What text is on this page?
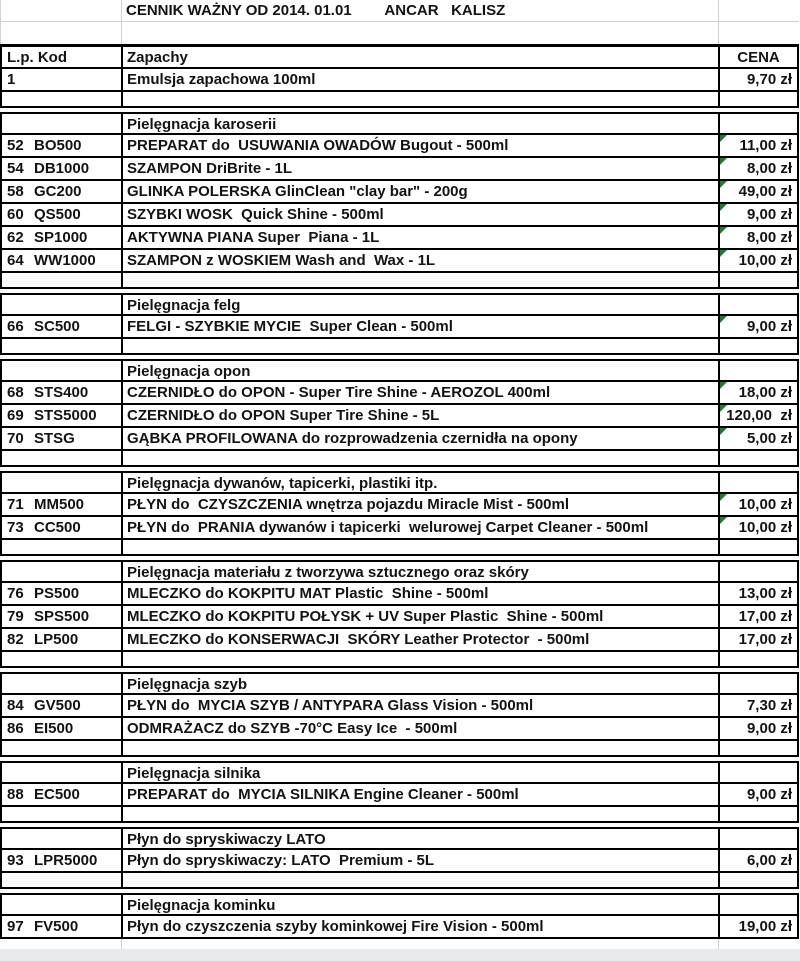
CENNIK WAŻNY OD 2014. 01.01        ANCAR   KALISZ
L.p. Kod	Zapachy	CENA
1	Emulsja zapachowa 100ml	9,70 zł
Pielęgnacja karoserii
52 BO500	PREPARAT do  USUWANIA OWADÓW Bugout - 500ml	11,00 zł
54 DB1000	SZAMPON DriBrite - 1L	8,00 zł
58 GC200	GLINKA POLERSKA GlinClean "clay bar" - 200g	49,00 zł
60 QS500	SZYBKI WOSK  Quick Shine - 500ml	9,00 zł
62 SP1000	AKTYWNA PIANA Super  Piana - 1L	8,00 zł
64 WW1000	SZAMPON z WOSKIEM Wash and  Wax - 1L	10,00 zł
Pielęgnacja felg
66 SC500	FELGI - SZYBKIE MYCIE  Super Clean - 500ml	9,00 zł
Pielęgnacja opon
68 STS400	CZERNIDŁO do OPON - Super Tire Shine - AEROZOL 400ml	18,00 zł
69 STS5000	CZERNIDŁO do OPON Super Tire Shine - 5L	120,00  zł
70 STSG	GĄBKA PROFILOWANA do rozprowadzenia czernidła na opony	5,00 zł
Pielęgnacja dywanów, tapicerki, plastiki itp.
71 MM500	PŁYN do  CZYSZCZENIA wnętrza pojazdu Miracle Mist - 500ml	10,00 zł
73 CC500	PŁYN do  PRANIA dywanów i tapicerki  welurowej Carpet Cleaner - 500ml	10,00 zł
Pielęgnacja materiału z tworzywa sztucznego oraz skóry
76 PS500	MLECZKO do KOKPITU MAT Plastic  Shine - 500ml	13,00 zł
79 SPS500	MLECZKO do KOKPITU POŁYSK + UV Super Plastic  Shine - 500ml	17,00 zł
82 LP500	MLECZKO do KONSERWACJI  SKÓRY Leather Protector  - 500ml	17,00 zł
Pielęgnacja szyb
84 GV500	PŁYN do  MYCIA SZYB / ANTYPARA Glass Vision - 500ml	7,30 zł
86 EI500	ODMRAŻACZ do SZYB -70°C Easy Ice  - 500ml	9,00 zł
Pielęgnacja silnika
88 EC500	PREPARAT do  MYCIA SILNIKA Engine Cleaner - 500ml	9,00 zł
Płyn do spryskiwaczy LATO
93 LPR5000	Płyn do spryskiwaczy: LATO  Premium - 5L	6,00 zł
Pielęgnacja kominku
97 FV500	Płyn do czyszczenia szyby kominkowej Fire Vision - 500ml	19,00 zł
